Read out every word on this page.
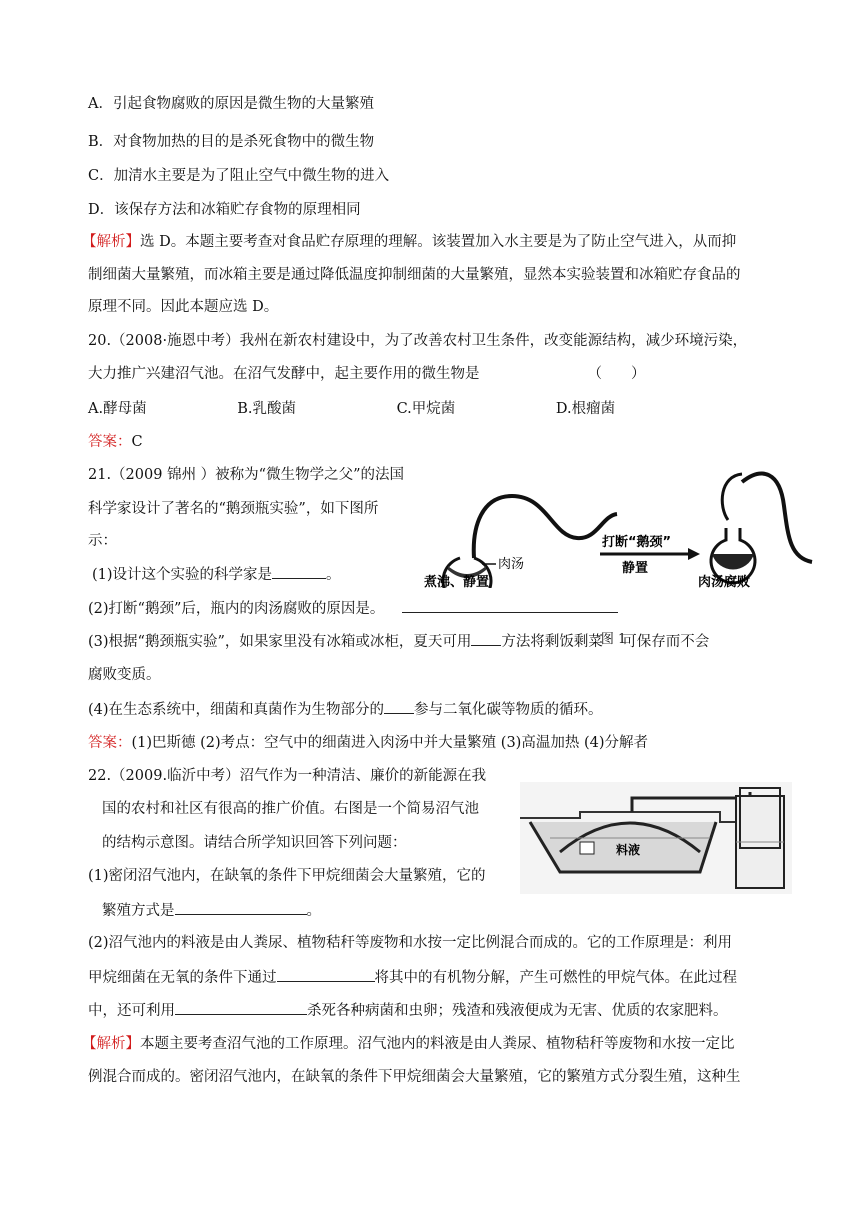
A．引起食物腐败的原因是微生物的大量繁殖
B．对食物加热的目的是杀死食物中的微生物
C．加清水主要是为了阻止空气中微生物的进入
D．该保存方法和冰箱贮存食物的原理相同
【解析】选 D。本题主要考查对食品贮存原理的理解。该装置加入水主要是为了防止空气进入，从而抑
制细菌大量繁殖，而冰箱主要是通过降低温度抑制细菌的大量繁殖，显然本实验装置和冰箱贮存食品的
原理不同。因此本题应选 D。
20.（2008·施恩中考）我州在新农村建设中，为了改善农村卫生条件，改变能源结构，减少环境污染，
大力推广兴建沼气池。在沼气发酵中，起主要作用的微生物是	（　　）
A.酵母菌	B.乳酸菌	C.甲烷菌	D.根瘤菌
答案：C
21.（2009 锦州 ）被称为“微生物学之父”的法国
科学家设计了著名的“鹅颈瓶实验”，如下图所
示：
(1)设计这个实验的科学家是	。
(2)打断“鹅颈”后，瓶内的肉汤腐败的原因是。
(3)根据“鹅颈瓶实验”，如果家里没有冰箱或冰柜，夏天可用 方法将剩饭剩菜图 1可保存而不会
腐败变质。
(4)在生态系统中，细菌和真菌作为生物部分的 参与二氧化碳等物质的循环。
答案：(1)巴斯德 (2)考点：空气中的细菌进入肉汤中并大量繁殖 (3)高温加热 (4)分解者
22.（2009.临沂中考）沼气作为一种清洁、廉价的新能源在我
国的农村和社区有很高的推广价值。右图是一个简易沼气池
的结构示意图。请结合所学知识回答下列问题：
(1)密闭沼气池内，在缺氧的条件下甲烷细菌会大量繁殖，它的
繁殖方式是	。
(2)沼气池内的料液是由人粪尿、植物秸秆等废物和水按一定比例混合而成的。它的工作原理是：利用
甲烷细菌在无氧的条件下通过	将其中的有机物分解，产生可燃性的甲烷气体。在此过程
中，还可利用	杀死各种病菌和虫卵；残渣和残液便成为无害、优质的农家肥料。
【解析】本题主要考查沼气池的工作原理。沼气池内的料液是由人粪尿、植物秸秆等废物和水按一定比
例混合而成的。密闭沼气池内，在缺氧的条件下甲烷细菌会大量繁殖，它的繁殖方式分裂生殖，这种生
肉汤
煮沸、静置
打断“鹅颈”
静置
肉汤腐败
料液
